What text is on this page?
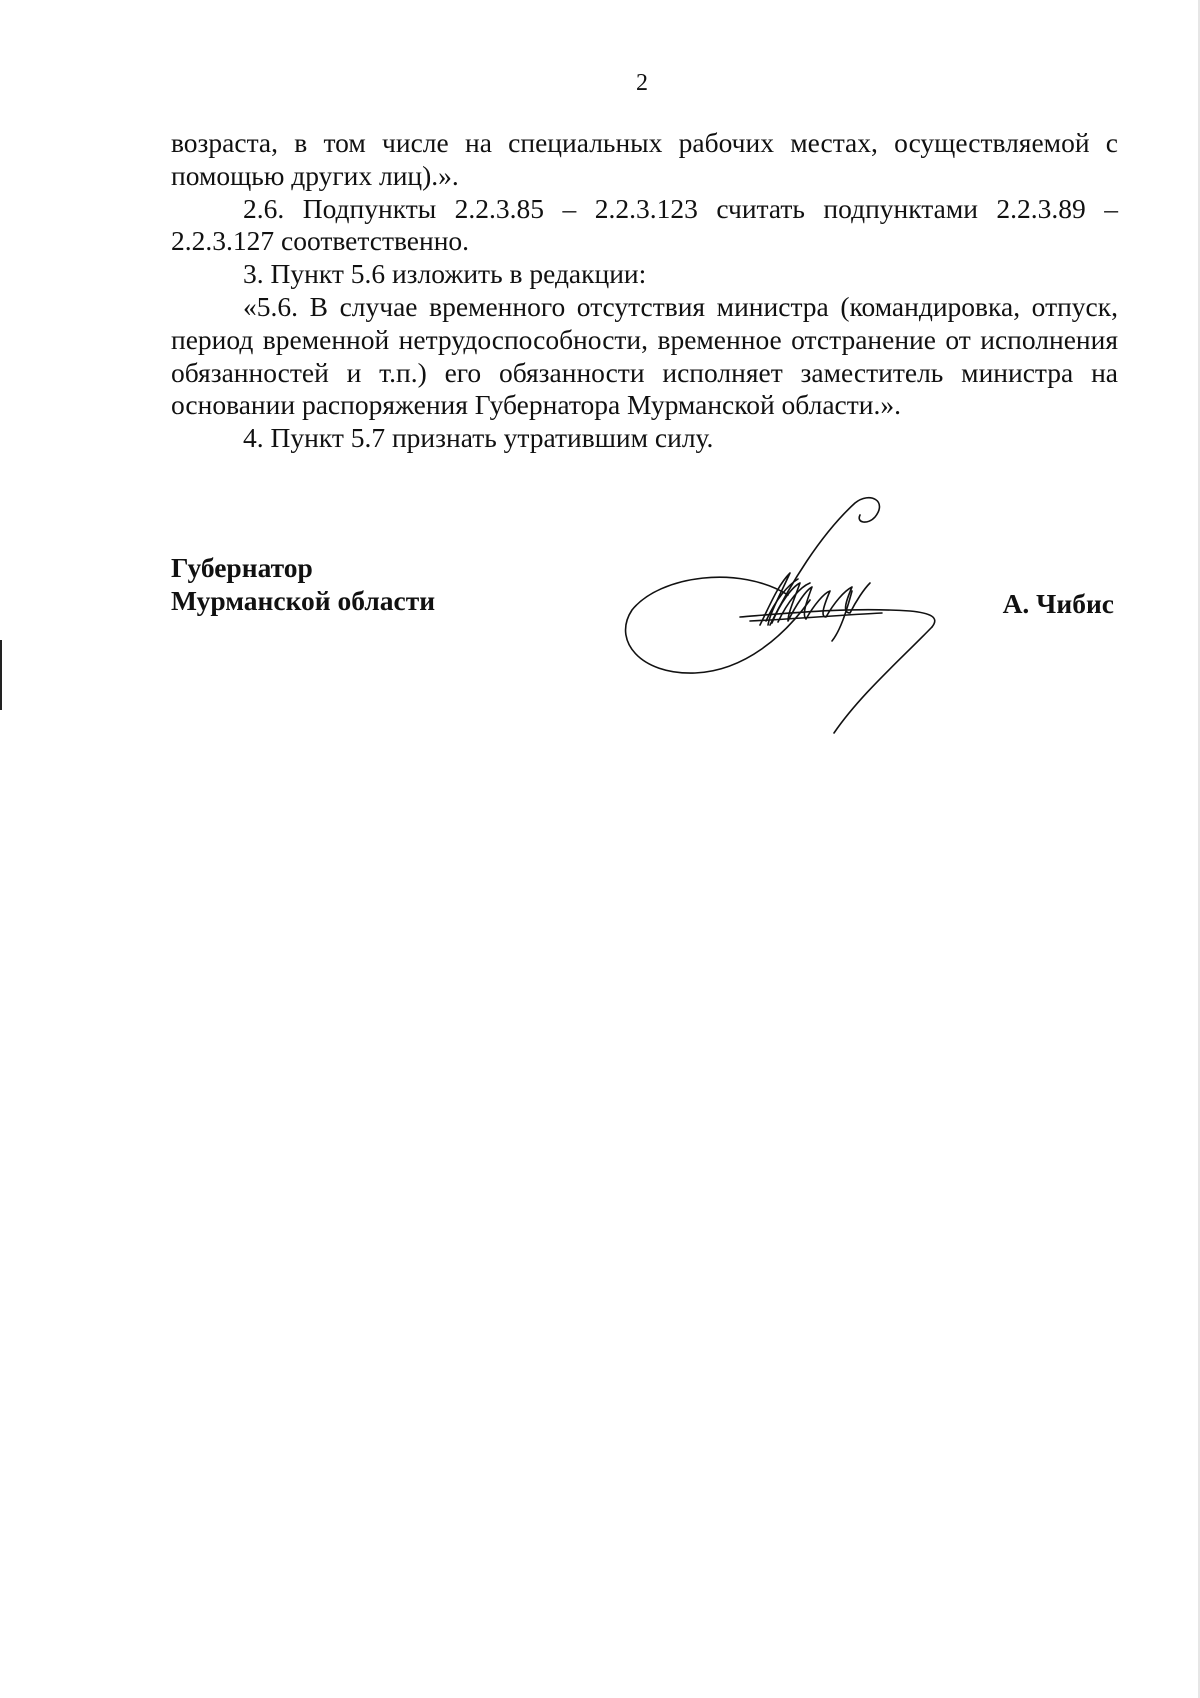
2

возраста, в том числе на специальных рабочих местах, осуществляемой с помощью других лиц).».

2.6. Подпункты 2.2.3.85 – 2.2.3.123 считать подпунктами 2.2.3.89 – 2.2.3.127 соответственно.

3. Пункт 5.6 изложить в редакции:

«5.6. В случае временного отсутствия министра (командировка, отпуск, период временной нетрудоспособности, временное отстранение от исполнения обязанностей и т.п.) его обязанности исполняет заместитель министра на основании распоряжения Губернатора Мурманской области.».

4. Пункт 5.7 признать утратившим силу.

Губернатор
Мурманской области	А. Чибис
